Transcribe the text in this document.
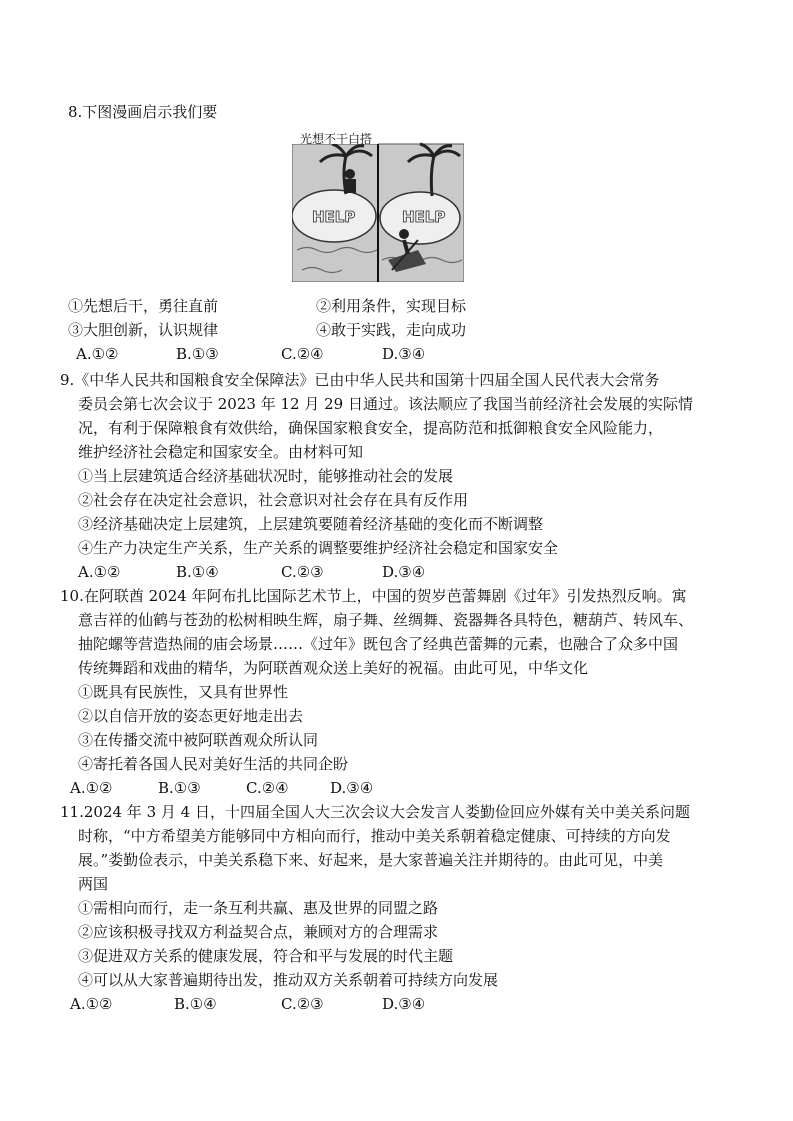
8.下图漫画启示我们要
HELP	HELP
光想不干白搭
①先想后干，勇往直前	②利用条件，实现目标
③大胆创新，认识规律	④敢于实践，走向成功
A.①②	B.①③	C.②④	D.③④
9.《中华人民共和国粮食安全保障法》已由中华人民共和国第十四届全国人民代表大会常务
委员会第七次会议于 2023 年 12 月 29 日通过。该法顺应了我国当前经济社会发展的实际情
况，有利于保障粮食有效供给，确保国家粮食安全，提高防范和抵御粮食安全风险能力，
维护经济社会稳定和国家安全。由材料可知
①当上层建筑适合经济基础状况时，能够推动社会的发展
②社会存在决定社会意识，社会意识对社会存在具有反作用
③经济基础决定上层建筑，上层建筑要随着经济基础的变化而不断调整
④生产力决定生产关系，生产关系的调整要维护经济社会稳定和国家安全
A.①②	B.①④	C.②③	D.③④
10.在阿联酋 2024 年阿布扎比国际艺术节上，中国的贺岁芭蕾舞剧《过年》引发热烈反响。寓
意吉祥的仙鹤与苍劲的松树相映生辉，扇子舞、丝绸舞、瓷器舞各具特色，糖葫芦、转风车、
抽陀螺等营造热闹的庙会场景……《过年》既包含了经典芭蕾舞的元素，也融合了众多中国
传统舞蹈和戏曲的精华，为阿联酋观众送上美好的祝福。由此可见，中华文化
①既具有民族性，又具有世界性
②以自信开放的姿态更好地走出去
③在传播交流中被阿联酋观众所认同
④寄托着各国人民对美好生活的共同企盼
A.①②	B.①③	C.②④	D.③④
11.2024 年 3 月 4 日，十四届全国人大三次会议大会发言人娄勤俭回应外媒有关中美关系问题
时称，“中方希望美方能够同中方相向而行，推动中美关系朝着稳定健康、可持续的方向发
展。”娄勤俭表示，中美关系稳下来、好起来，是大家普遍关注并期待的。由此可见，中美
两国
①需相向而行，走一条互利共赢、惠及世界的同盟之路
②应该积极寻找双方利益契合点，兼顾对方的合理需求
③促进双方关系的健康发展，符合和平与发展的时代主题
④可以从大家普遍期待出发，推动双方关系朝着可持续方向发展
A.①②	B.①④	C.②③	D.③④
